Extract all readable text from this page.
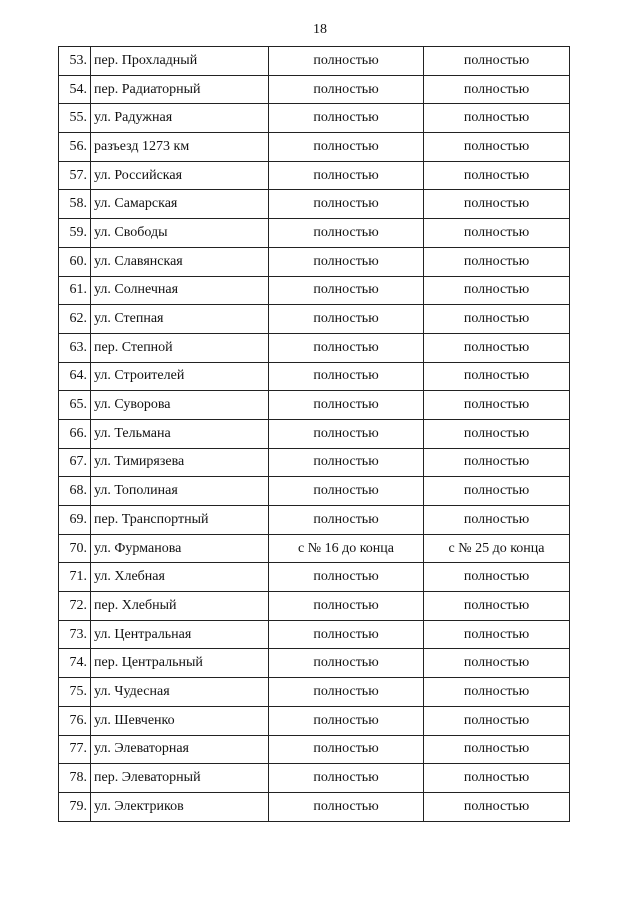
18
53.	пер. Прохладный	полностью	полностью
54.	пер. Радиаторный	полностью	полностью
55.	ул. Радужная	полностью	полностью
56.	разъезд 1273 км	полностью	полностью
57.	ул. Российская	полностью	полностью
58.	ул. Самарская	полностью	полностью
59.	ул. Свободы	полностью	полностью
60.	ул. Славянская	полностью	полностью
61.	ул. Солнечная	полностью	полностью
62.	ул. Степная	полностью	полностью
63.	пер. Степной	полностью	полностью
64.	ул. Строителей	полностью	полностью
65.	ул. Суворова	полностью	полностью
66.	ул. Тельмана	полностью	полностью
67.	ул. Тимирязева	полностью	полностью
68.	ул. Тополиная	полностью	полностью
69.	пер. Транспортный	полностью	полностью
70.	ул. Фурманова	с № 16 до конца	с № 25 до конца
71.	ул. Хлебная	полностью	полностью
72.	пер. Хлебный	полностью	полностью
73.	ул. Центральная	полностью	полностью
74.	пер. Центральный	полностью	полностью
75.	ул. Чудесная	полностью	полностью
76.	ул. Шевченко	полностью	полностью
77.	ул. Элеваторная	полностью	полностью
78.	пер. Элеваторный	полностью	полностью
79.	ул. Электриков	полностью	полностью
